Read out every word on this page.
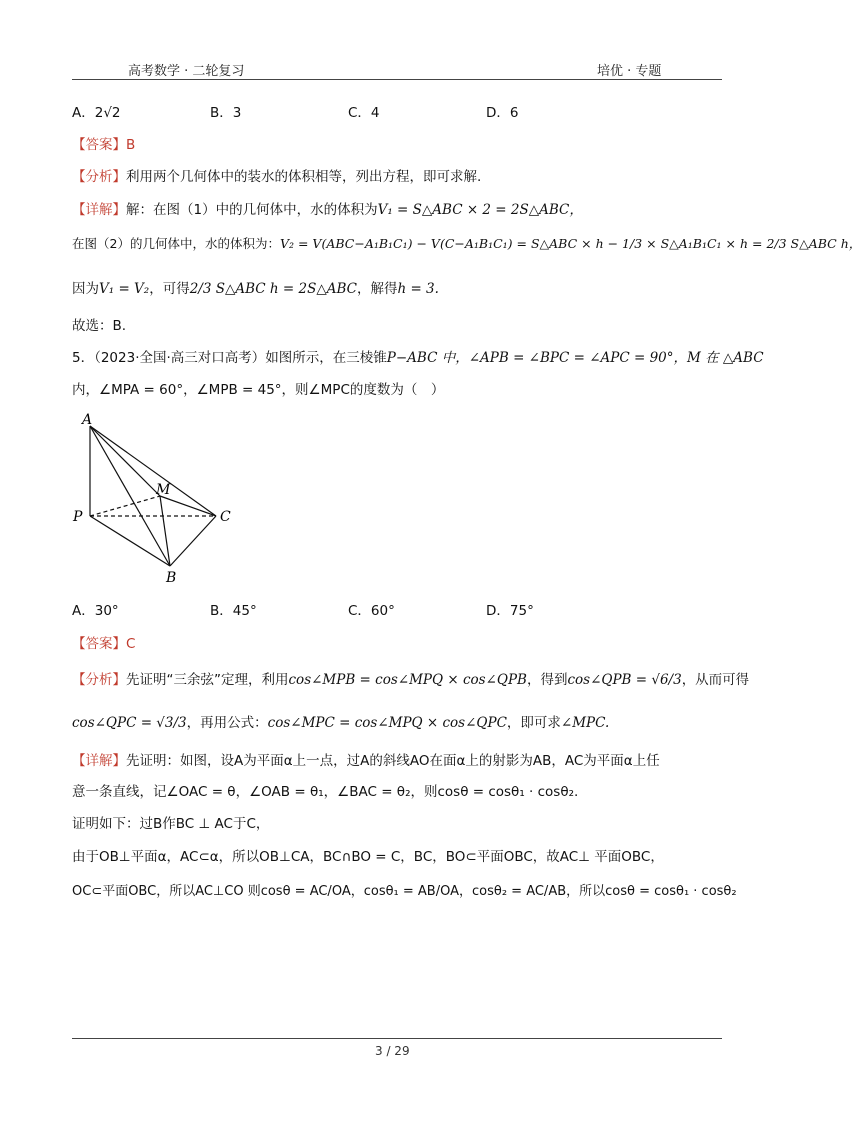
高考数学 · 二轮复习	培优 · 专题
A．2√2	B．3	C．4	D．6
【答案】B
【分析】利用两个几何体中的装水的体积相等，列出方程，即可求解.
【详解】解：在图（1）中的几何体中，水的体积为V₁ = S△ABC × 2 = 2S△ABC，
在图（2）的几何体中，水的体积为：V₂ = V(ABC−A₁B₁C₁) − V(C−A₁B₁C₁) = S△ABC × h − 1/3 × S△A₁B₁C₁ × h = 2/3 S△ABC h，
因为V₁ = V₂，可得2/3 S△ABC h = 2S△ABC，解得h = 3.
故选：B.
5．（2023·全国·高三对口高考）如图所示，在三棱锥P−ABC 中，∠APB = ∠BPC = ∠APC = 90°，M 在 △ABC
内，∠MPA = 60°，∠MPB = 45°，则∠MPC的度数为（　）
A
P
M
C
B
A．30°	B．45°	C．60°	D．75°
【答案】C
【分析】先证明“三余弦”定理，利用cos∠MPB = cos∠MPQ × cos∠QPB，得到cos∠QPB = √6/3，从而可得
cos∠QPC = √3/3，再用公式：cos∠MPC = cos∠MPQ × cos∠QPC，即可求∠MPC.
【详解】先证明：如图，设A为平面α上一点，过A的斜线AO在面α上的射影为AB，AC为平面α上任
意一条直线，记∠OAC = θ，∠OAB = θ₁，∠BAC = θ₂，则cosθ = cosθ₁ · cosθ₂.
证明如下：过B作BC ⊥ AC于C，
由于OB⊥平面α，AC⊂α，所以OB⊥CA，BC∩BO = C，BC，BO⊂平面OBC，故AC⊥ 平面OBC，
OC⊂平面OBC，所以AC⊥CO 则cosθ = AC/OA，cosθ₁ = AB/OA，cosθ₂ = AC/AB，所以cosθ = cosθ₁ · cosθ₂
3 / 29
